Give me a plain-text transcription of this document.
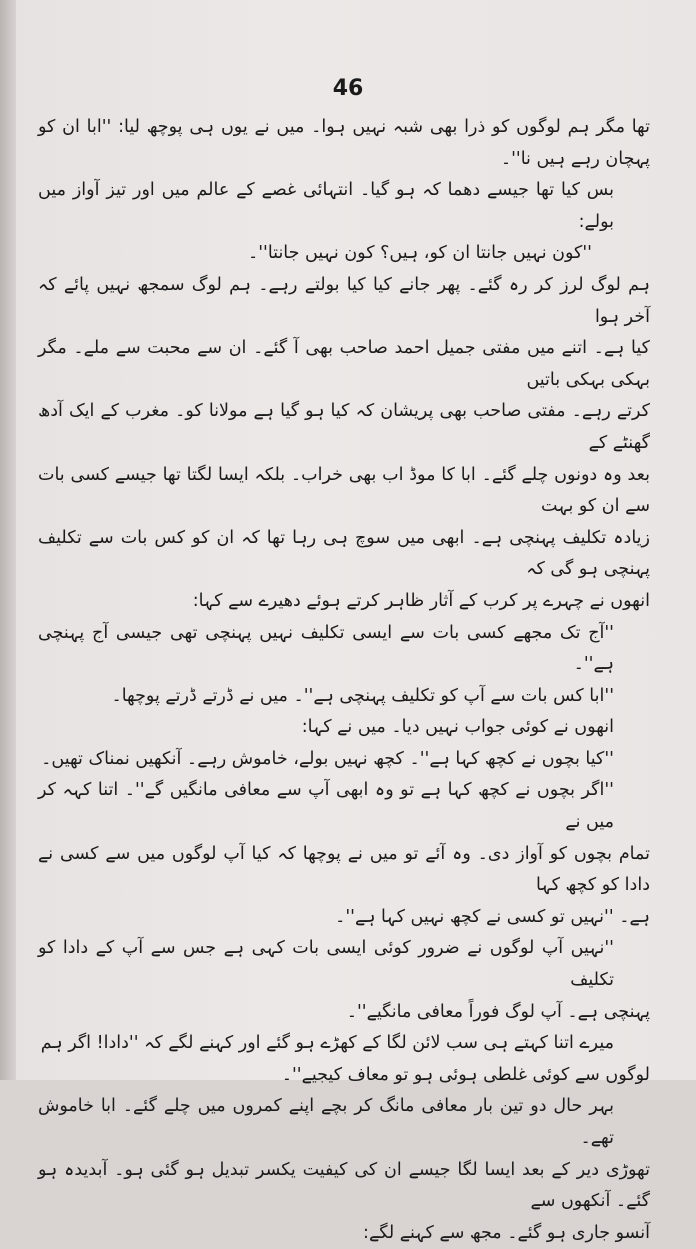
46

تھا مگر ہم لوگوں کو ذرا بھی شبہ نہیں ہوا۔ میں نے یوں ہی پوچھ لیا: ''ابا ان کو پہچان رہے ہیں نا''۔

بس کیا تھا جیسے دھما کہ ہو گیا۔ انتہائی غصے کے عالم میں اور تیز آواز میں بولے:

''کون نہیں جانتا ان کو، ہیں؟ کون نہیں جانتا''۔

ہم لوگ لرز کر رہ گئے۔ پھر جانے کیا کیا بولتے رہے۔ ہم لوگ سمجھ نہیں پائے کہ آخر ہوا

کیا ہے۔ اتنے میں مفتی جمیل احمد صاحب بھی آ گئے۔ ان سے محبت سے ملے۔ مگر بہکی بہکی باتیں

کرتے رہے۔ مفتی صاحب بھی پریشان کہ کیا ہو گیا ہے مولانا کو۔ مغرب کے ایک آدھ گھنٹے کے

بعد وہ دونوں چلے گئے۔ ابا کا موڈ اب بھی خراب۔ بلکہ ایسا لگتا تھا جیسے کسی بات سے ان کو بہت

زیادہ تکلیف پہنچی ہے۔ ابھی میں سوچ ہی رہا تھا کہ ان کو کس بات سے تکلیف پہنچی ہو گی کہ

انھوں نے چہرے پر کرب کے آثار ظاہر کرتے ہوئے دھیرے سے کہا:

''آج تک مجھے کسی بات سے ایسی تکلیف نہیں پہنچی تھی جیسی آج پہنچی ہے''۔

''ابا کس بات سے آپ کو تکلیف پہنچی ہے''۔ میں نے ڈرتے ڈرتے پوچھا۔

انھوں نے کوئی جواب نہیں دیا۔ میں نے کہا:

''کیا بچوں نے کچھ کہا ہے''۔ کچھ نہیں بولے، خاموش رہے۔ آنکھیں نمناک تھیں۔

''اگر بچوں نے کچھ کہا ہے تو وہ ابھی آپ سے معافی مانگیں گے''۔ اتنا کہہ کر میں نے

تمام بچوں کو آواز دی۔ وہ آئے تو میں نے پوچھا کہ کیا آپ لوگوں میں سے کسی نے دادا کو کچھ کہا

ہے۔ ''نہیں تو کسی نے کچھ نہیں کہا ہے''۔

''نہیں آپ لوگوں نے ضرور کوئی ایسی بات کہی ہے جس سے آپ کے دادا کو تکلیف

پہنچی ہے۔ آپ لوگ فوراً معافی مانگیے''۔

میرے اتنا کہتے ہی سب لائن لگا کے کھڑے ہو گئے اور کہنے لگے کہ ''دادا! اگر ہم

لوگوں سے کوئی غلطی ہوئی ہو تو معاف کیجیے''۔

بہر حال دو تین بار معافی مانگ کر بچے اپنے کمروں میں چلے گئے۔ ابا خاموش تھے۔

تھوڑی دیر کے بعد ایسا لگا جیسے ان کی کیفیت یکسر تبدیل ہو گئی ہو۔ آبدیدہ ہو گئے۔ آنکھوں سے

آنسو جاری ہو گئے۔ مجھ سے کہنے لگے:
